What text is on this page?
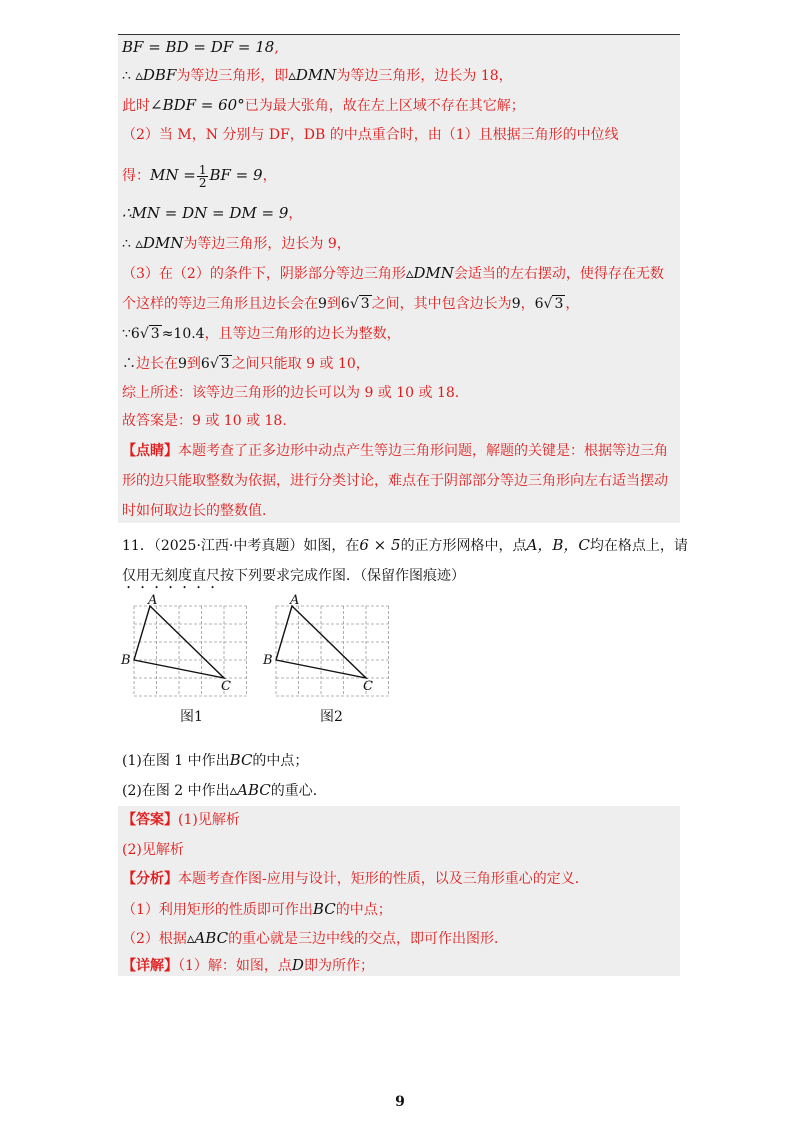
BF = BD = DF = 18,
∴ ▵DBF为等边三角形，即▵DMN为等边三角形，边长为 18，
此时∠BDF = 60°已为最大张角，故在左上区域不存在其它解；
（2）当 M，N 分别与 DF，DB 的中点重合时，由（1）且根据三角形的中位线
得：MN = $\frac{1}{2}$ BF = 9，
∴MN = DN = DM = 9，
∴ ▵DMN为等边三角形，边长为 9，
（3）在（2）的条件下，阴影部分等边三角形▵DMN会适当的左右摆动，使得存在无数
个这样的等边三角形且边长会在9到6√ 3 之间，其中包含边长为9，6√ 3 ，
∵6√ 3 ≈10.4，且等边三角形的边长为整数，
∴边长在9到6√ 3 之间只能取 9 或 10，
综上所述：该等边三角形的边长可以为 9 或 10 或 18.
故答案是：9 或 10 或 18.
【点睛】本题考查了正多边形中动点产生等边三角形问题，解题的关键是：根据等边三角
形的边只能取整数为依据，进行分类讨论，难点在于阴部部分等边三角形向左右适当摆动
时如何取边长的整数值.
11．（2025·江西·中考真题）如图，在6 × 5的正方形网格中，点A，B，C均在格点上，请
仅用无刻度直尺按下列要求完成作图．（保留作图痕迹）
A
B
C
图1
A
B
C
图2
(1)在图 1 中作出BC的中点；
(2)在图 2 中作出▵ABC的重心．
【答案】(1)见解析
(2)见解析
【分析】本题考查作图-应用与设计，矩形的性质，以及三角形重心的定义．
（1）利用矩形的性质即可作出BC的中点；
（2）根据▵ABC的重心就是三边中线的交点，即可作出图形．
【详解】（1）解：如图，点D即为所作；
9
